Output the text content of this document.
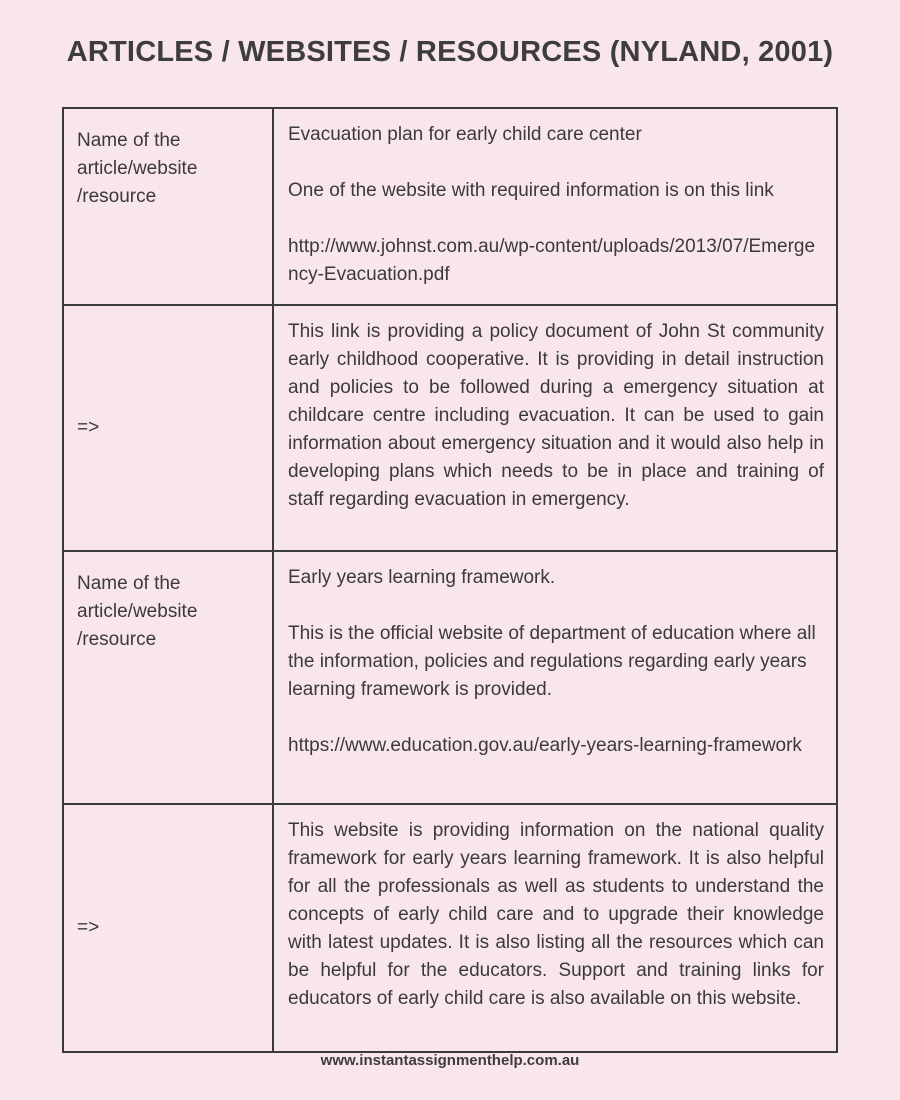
ARTICLES / WEBSITES / RESOURCES (NYLAND, 2001)
Name of the article/website /resource	Evacuation plan for early child care center

One of the website with required information is on this link

http://www.johnst.com.au/wp-content/uploads/2013/07/Emergency-Evacuation.pdf

=>	This link is providing a policy document of John St community early childhood cooperative. It is providing in detail instruction and policies to be followed during a emergency situation at childcare centre including evacuation. It can be used to gain information about emergency situation and it would also help in developing plans which needs to be in place and training of staff regarding evacuation in emergency.

Name of the article/website /resource	Early years learning framework.

This is the official website of department of education where all the information, policies and regulations regarding early years learning framework is provided.

https://www.education.gov.au/early-years-learning-framework

=>	This website is providing information on the national quality framework for early years learning framework. It is also helpful for all the professionals as well as students to understand the concepts of early child care and to upgrade their knowledge with latest updates. It is also listing all the resources which can be helpful for the educators. Support and training links for educators of early child care is also available on this website.

www.instantassignmenthelp.com.au
